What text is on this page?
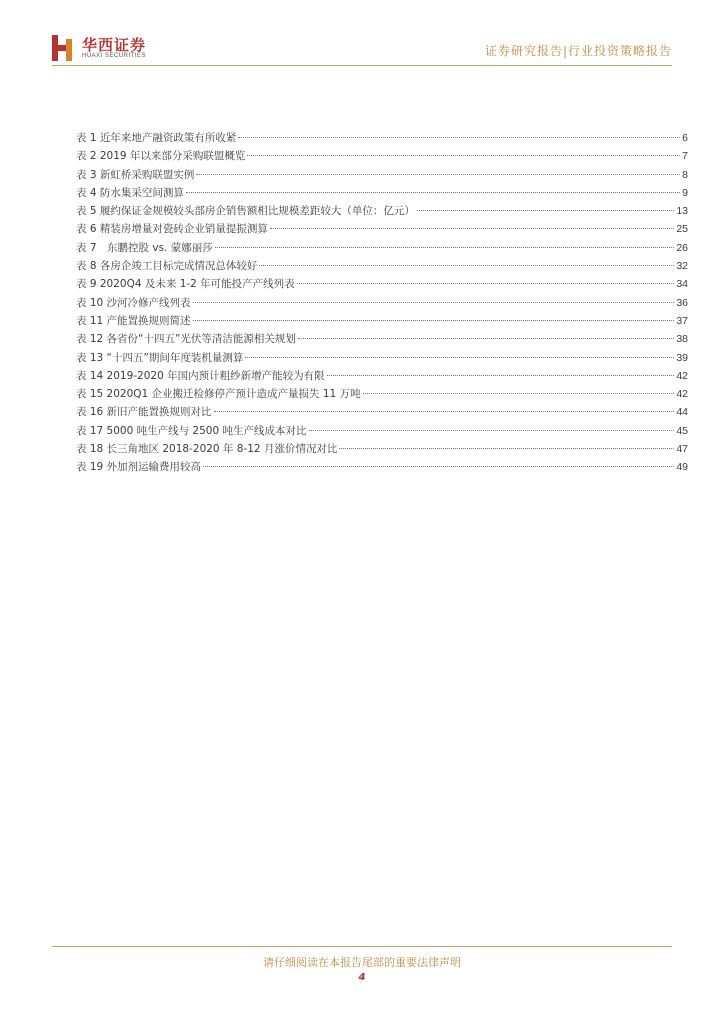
华西证券
HUAXI SECURITIES	证券研究报告|行业投资策略报告
表 1 近年来地产融资政策有所收紧	6
表 2 2019 年以来部分采购联盟概览	7
表 3 新虹桥采购联盟实例	8
表 4 防水集采空间测算	9
表 5 履约保证金规模较头部房企销售额相比规模差距较大（单位：亿元）	13
表 6 精装房增量对瓷砖企业销量提振测算	25
表 7　东鹏控股 vs. 蒙娜丽莎	26
表 8 各房企竣工目标完成情况总体较好	32
表 9 2020Q4 及未来 1-2 年可能投产产线列表	34
表 10 沙河冷修产线列表	36
表 11 产能置换规则简述	37
表 12 各省份“十四五”光伏等清洁能源相关规划	38
表 13 “十四五”期间年度装机量测算	39
表 14 2019-2020 年国内预计粗纱新增产能较为有限	42
表 15 2020Q1 企业搬迁检修停产预计造成产量损失 11 万吨	42
表 16 新旧产能置换规则对比	44
表 17 5000 吨生产线与 2500 吨生产线成本对比	45
表 18 长三角地区 2018-2020 年 8-12 月涨价情况对比	47
表 19 外加剂运输费用较高	49
请仔细阅读在本报告尾部的重要法律声明
4
